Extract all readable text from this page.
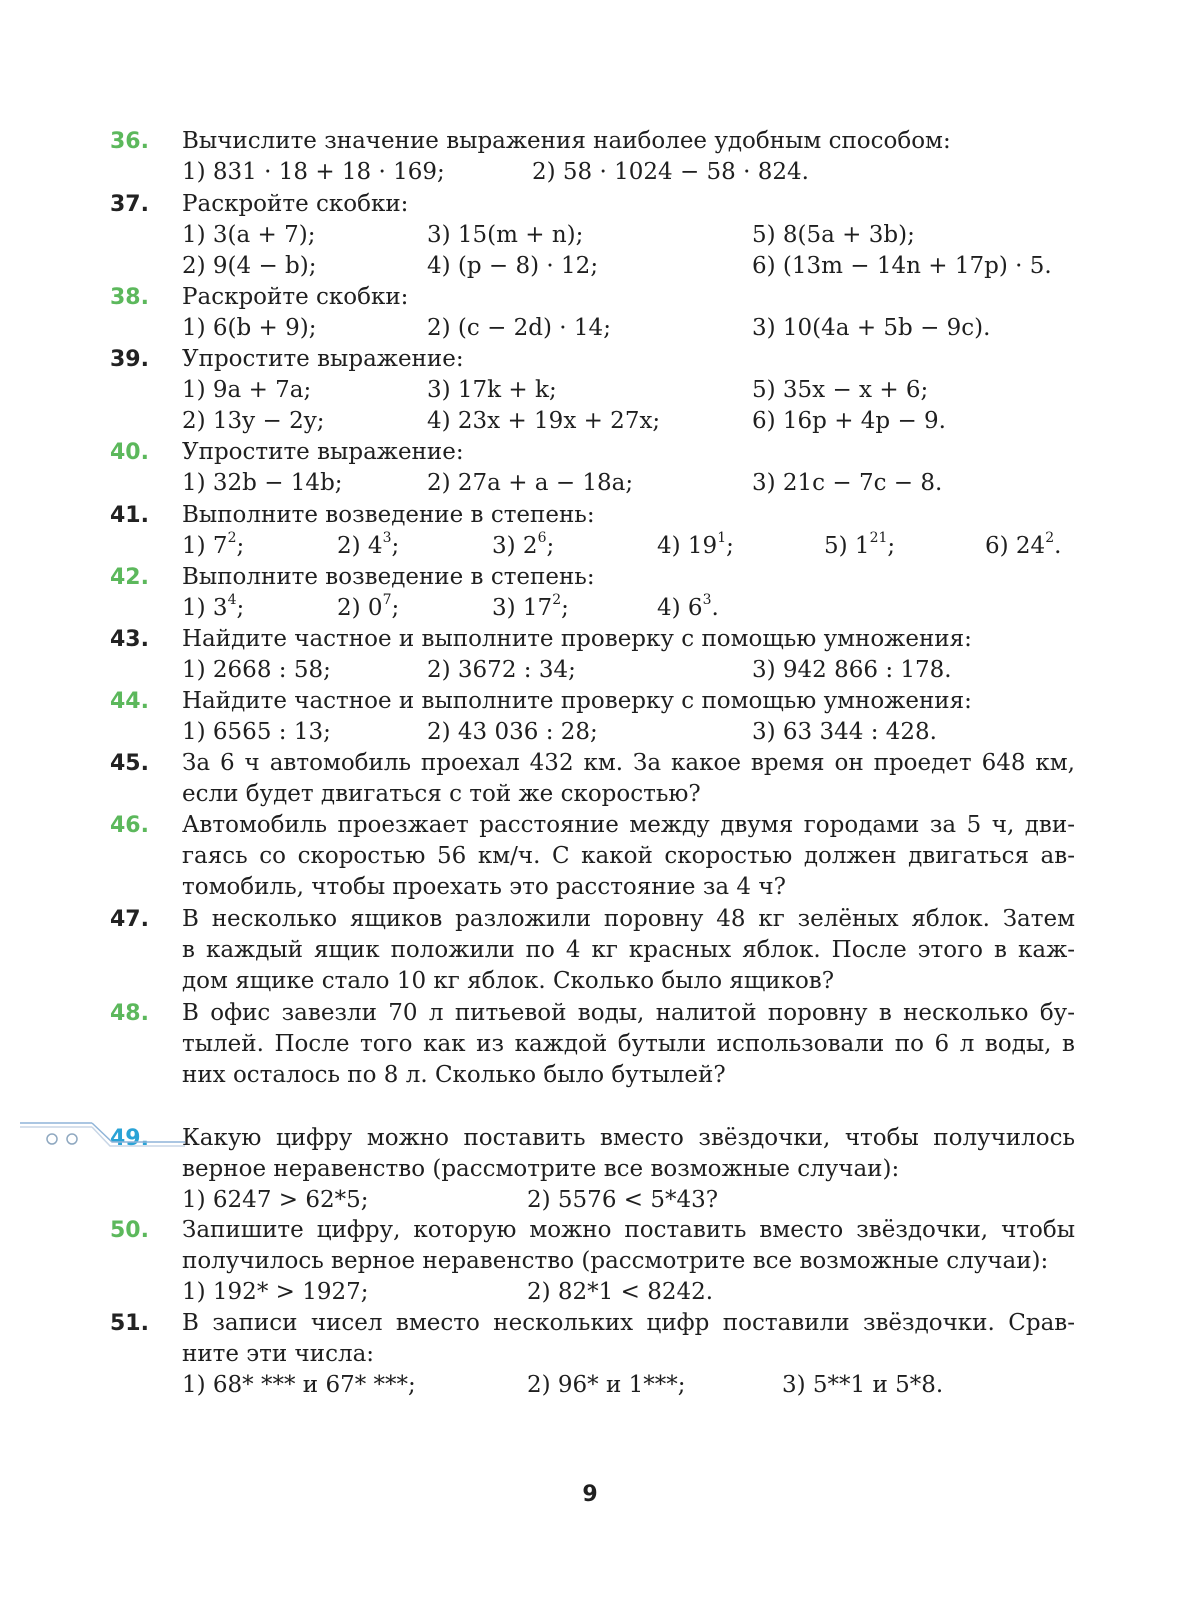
36. Вычислите значение выражения наиболее удобным способом:
1) 831 · 18 + 18 · 169;	2) 58 · 1024 − 58 · 824.
37. Раскройте скобки:
1) 3(a + 7);	3) 15(m + n);	5) 8(5a + 3b);
2) 9(4 − b);	4) (p − 8) · 12;	6) (13m − 14n + 17p) · 5.
38. Раскройте скобки:
1) 6(b + 9);	2) (c − 2d) · 14;	3) 10(4a + 5b − 9c).
39. Упростите выражение:
1) 9a + 7a;	3) 17k + k;	5) 35x − x + 6;
2) 13y − 2y;	4) 23x + 19x + 27x;	6) 16p + 4p − 9.
40. Упростите выражение:
1) 32b − 14b;	2) 27a + a − 18a;	3) 21c − 7c − 8.
41. Выполните возведение в степень:
1) $7^2$;	2) $4^3$;	3) $2^6$;	4) $19^1$;	5) $1^{21}$;	6) $24^2$.
42. Выполните возведение в степень:
1) $3^4$;	2) $0^7$;	3) $17^2$;	4) $6^3$.
43. Найдите частное и выполните проверку с помощью умножения:
1) 2668 : 58;	2) 3672 : 34;	3) 942 866 : 178.
44. Найдите частное и выполните проверку с помощью умножения:
1) 6565 : 13;	2) 43 036 : 28;	3) 63 344 : 428.
45. За 6 ч автомобиль проехал 432 км. За какое время он проедет 648 км,
если будет двигаться с той же скоростью?
46. Автомобиль проезжает расстояние между двумя городами за 5 ч, дви-
гаясь со скоростью 56 км/ч. С какой скоростью должен двигаться ав-
томобиль, чтобы проехать это расстояние за 4 ч?
47. В несколько ящиков разложили поровну 48 кг зелёных яблок. Затем
в каждый ящик положили по 4 кг красных яблок. После этого в каж-
дом ящике стало 10 кг яблок. Сколько было ящиков?
48. В офис завезли 70 л питьевой воды, налитой поровну в несколько бу-
тылей. После того как из каждой бутыли использовали по 6 л воды, в
них осталось по 8 л. Сколько было бутылей?
49. Какую цифру можно поставить вместо звёздочки, чтобы получилось
верное неравенство (рассмотрите все возможные случаи):
1) 6247 > 62*5;	2) 5576 < 5*43?
50. Запишите цифру, которую можно поставить вместо звёздочки, чтобы
получилось верное неравенство (рассмотрите все возможные случаи):
1) 192* > 1927;	2) 82*1 < 8242.
51. В записи чисел вместо нескольких цифр поставили звёздочки. Срав-
ните эти числа:
1) 68* *** и 67* ***;	2) 96* и 1***;	3) 5**1 и 5*8.
9
